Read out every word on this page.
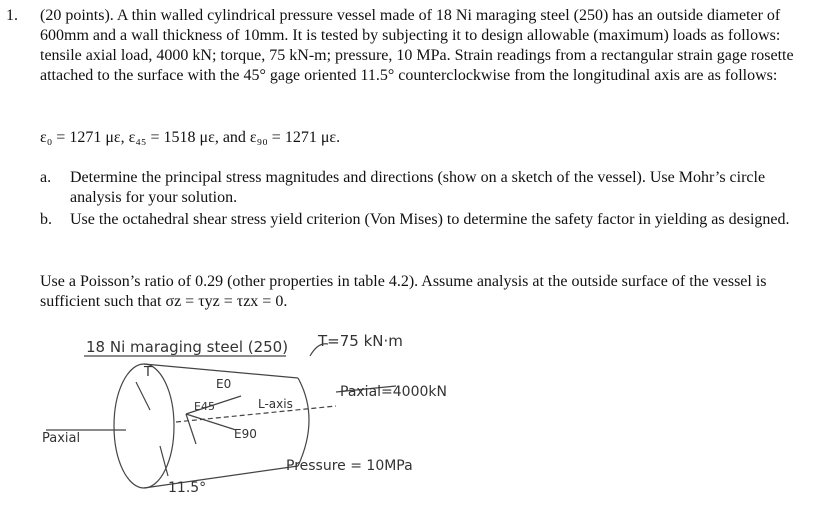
1. (20 points). A thin walled cylindrical pressure vessel made of 18 Ni maraging steel (250) has an outside diameter of 600mm and a wall thickness of 10mm. It is tested by subjecting it to design allowable (maximum) loads as follows: tensile axial load, 4000 kN; torque, 75 kN-m; pressure, 10 MPa. Strain readings from a rectangular strain gage rosette attached to the surface with the 45° gage oriented 11.5° counterclockwise from the longitudinal axis are as follows:
ε₀ = 1271 με, ε₄₅ = 1518 με, and ε₉₀ = 1271 με.
a. Determine the principal stress magnitudes and directions (show on a sketch of the vessel). Use Mohr’s circle analysis for your solution.
b. Use the octahedral shear stress yield criterion (Von Mises) to determine the safety factor in yielding as designed.
Use a Poisson’s ratio of 0.29 (other properties in table 4.2). Assume analysis at the outside surface of the vessel is sufficient such that σz = τyz = τzx = 0.
18 Ni maraging steel (250) T=75 kN·m
Paxial
T
E0
E45
E90
L-axis
Paxial=4000kN
Pressure = 10MPa
11.5°
